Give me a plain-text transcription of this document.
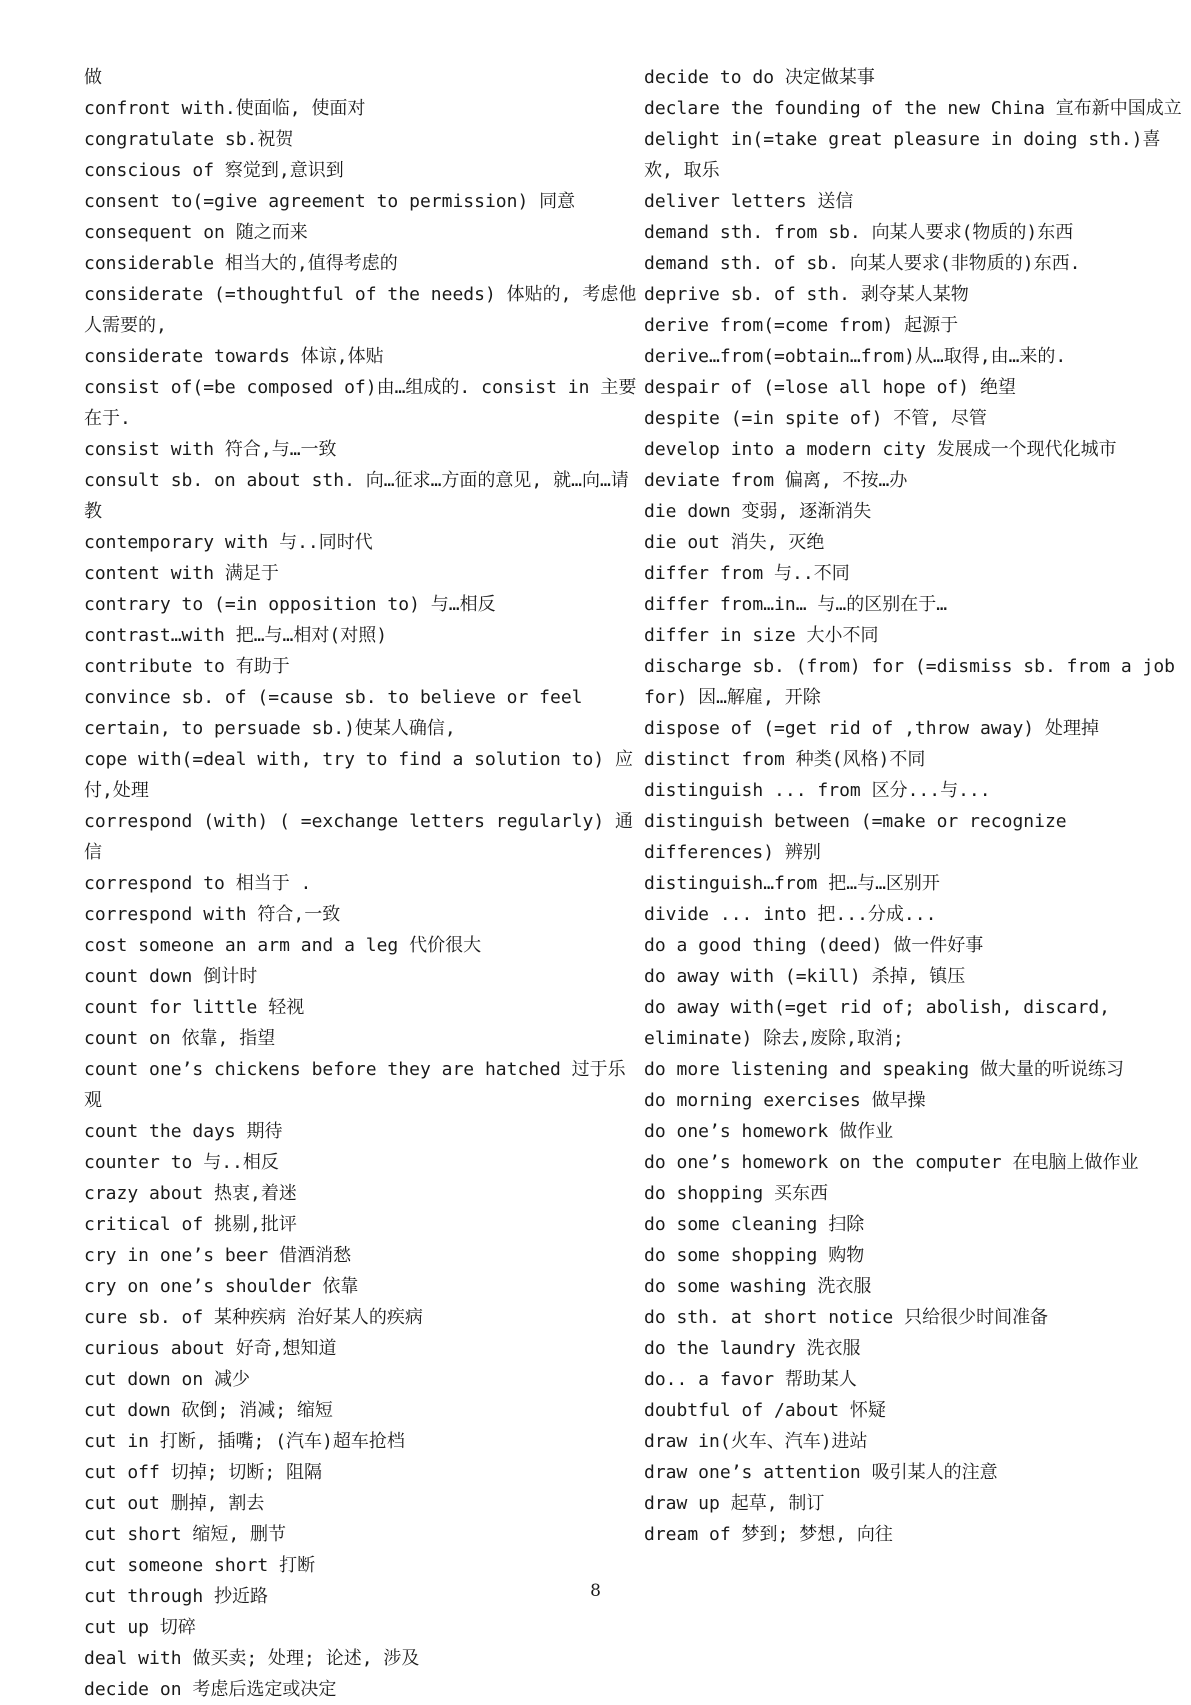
做
confront with.使面临, 使面对
congratulate sb.祝贺
conscious of 察觉到,意识到
consent to(=give agreement to permission) 同意
consequent on 随之而来
considerable 相当大的,值得考虑的
considerate (=thoughtful of the needs) 体贴的, 考虑他人需要的,
considerate towards 体谅,体贴
consist of(=be composed of)由…组成的. consist in 主要在于.
consist with 符合,与…一致
consult sb. on about sth. 向…征求…方面的意见, 就…向…请教
contemporary with 与..同时代
content with 满足于
contrary to (=in opposition to) 与…相反
contrast…with 把…与…相对(对照)
contribute to 有助于
convince sb. of (=cause sb. to believe or feel certain, to persuade sb.)使某人确信,
cope with(=deal with, try to find a solution to) 应付,处理
correspond (with) ( =exchange letters regularly) 通信
correspond to 相当于 .
correspond with 符合,一致
cost someone an arm and a leg 代价很大
count down 倒计时
count for little 轻视
count on 依靠, 指望
count one’s chickens before they are hatched 过于乐观
count the days 期待
counter to 与..相反
crazy about 热衷,着迷
critical of 挑剔,批评
cry in one’s beer 借酒消愁
cry on one’s shoulder 依靠
cure sb. of 某种疾病 治好某人的疾病
curious about 好奇,想知道
cut down on 减少
cut down 砍倒; 消减; 缩短
cut in 打断, 插嘴; (汽车)超车抢档
cut off 切掉; 切断; 阻隔
cut out 删掉, 割去
cut short 缩短, 删节
cut someone short 打断
cut through 抄近路
cut up 切碎
deal with 做买卖; 处理; 论述, 涉及
decide on 考虑后选定或决定
decide to do 决定做某事
declare the founding of the new China 宣布新中国成立
delight in(=take great pleasure in doing sth.)喜欢, 取乐
deliver letters 送信
demand sth. from sb. 向某人要求(物质的)东西
demand sth. of sb. 向某人要求(非物质的)东西.
deprive sb. of sth. 剥夺某人某物
derive from(=come from) 起源于
derive…from(=obtain…from)从…取得,由…来的.
despair of (=lose all hope of) 绝望
despite (=in spite of) 不管, 尽管
develop into a modern city 发展成一个现代化城市
deviate from 偏离, 不按…办
die down 变弱, 逐渐消失
die out 消失, 灭绝
differ from 与..不同
differ from…in… 与…的区别在于…
differ in size 大小不同
discharge sb. (from) for (=dismiss sb. from a job for) 因…解雇, 开除
dispose of (=get rid of ,throw away) 处理掉
distinct from 种类(风格)不同
distinguish ... from 区分...与...
distinguish between (=make or recognize differences) 辨别
distinguish…from 把…与…区别开
divide ... into 把...分成...
do a good thing (deed) 做一件好事
do away with (=kill) 杀掉, 镇压
do away with(=get rid of; abolish, discard, eliminate) 除去,废除,取消;
do more listening and speaking 做大量的听说练习
do morning exercises 做早操
do one’s homework 做作业
do one’s homework on the computer 在电脑上做作业
do shopping 买东西
do some cleaning 扫除
do some shopping 购物
do some washing 洗衣服
do sth. at short notice 只给很少时间准备
do the laundry 洗衣服
do.. a favor 帮助某人
doubtful of /about 怀疑
draw in(火车、汽车)进站
draw one’s attention 吸引某人的注意
draw up 起草, 制订
dream of 梦到; 梦想, 向往
8
